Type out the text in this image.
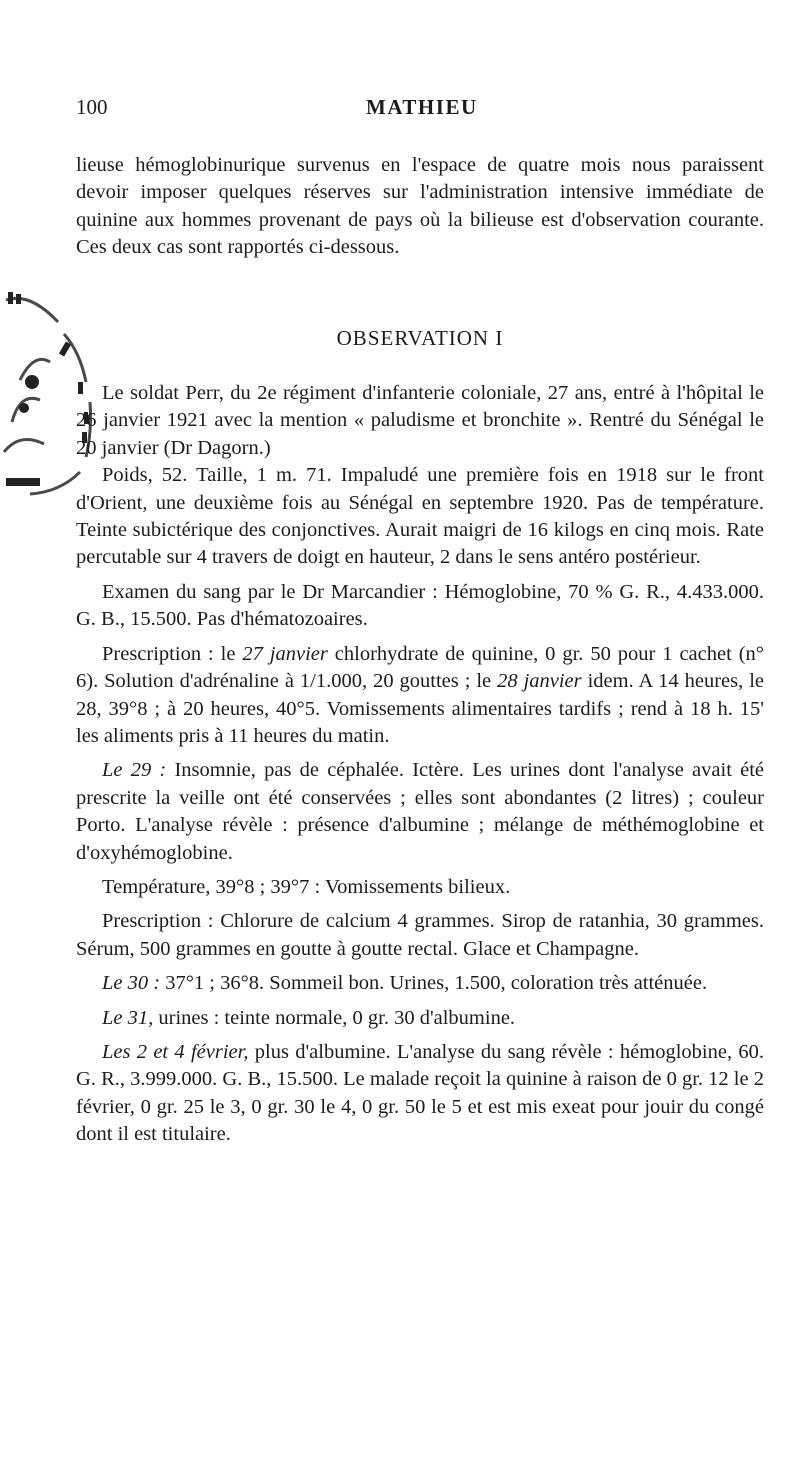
100	MATHIEU

lieuse hémoglobinurique survenus en l'espace de quatre mois nous paraissent devoir imposer quelques réserves sur l'administration intensive immédiate de quinine aux hommes provenant de pays où la bilieuse est d'observation courante. Ces deux cas sont rapportés ci-dessous.

OBSERVATION I

Le soldat Perr, du 2e régiment d'infanterie coloniale, 27 ans, entré à l'hôpital le 26 janvier 1921 avec la mention « paludisme et bronchite ». Rentré du Sénégal le 20 janvier (Dr Dagorn.)

Poids, 52. Taille, 1 m. 71. Impaludé une première fois en 1918 sur le front d'Orient, une deuxième fois au Sénégal en septembre 1920. Pas de température. Teinte subictérique des conjonctives. Aurait maigri de 16 kilogs en cinq mois. Rate percutable sur 4 travers de doigt en hauteur, 2 dans le sens antéro postérieur.

Examen du sang par le Dr Marcandier : Hémoglobine, 70 % G. R., 4.433.000. G. B., 15.500. Pas d'hématozoaires.

Prescription : le 27 janvier chlorhydrate de quinine, 0 gr. 50 pour 1 cachet (n° 6). Solution d'adrénaline à 1/1.000, 20 gouttes ; le 28 janvier idem. A 14 heures, le 28, 39°8 ; à 20 heures, 40°5. Vomissements alimentaires tardifs ; rend à 18 h. 15' les aliments pris à 11 heures du matin.

Le 29 : Insomnie, pas de céphalée. Ictère. Les urines dont l'analyse avait été prescrite la veille ont été conservées ; elles sont abondantes (2 litres) ; couleur Porto. L'analyse révèle : présence d'albumine ; mélange de méthémoglobine et d'oxyhémoglobine.

Température, 39°8 ; 39°7 : Vomissements bilieux.

Prescription : Chlorure de calcium 4 grammes. Sirop de ratanhia, 30 grammes. Sérum, 500 grammes en goutte à goutte rectal. Glace et Champagne.

Le 30 : 37°1 ; 36°8. Sommeil bon. Urines, 1.500, coloration très atténuée.

Le 31, urines : teinte normale, 0 gr. 30 d'albumine.

Les 2 et 4 février, plus d'albumine. L'analyse du sang révèle : hémoglobine, 60. G. R., 3.999.000. G. B., 15.500. Le malade reçoit la quinine à raison de 0 gr. 12 le 2 février, 0 gr. 25 le 3, 0 gr. 30 le 4, 0 gr. 50 le 5 et est mis exeat pour jouir du congé dont il est titulaire.
